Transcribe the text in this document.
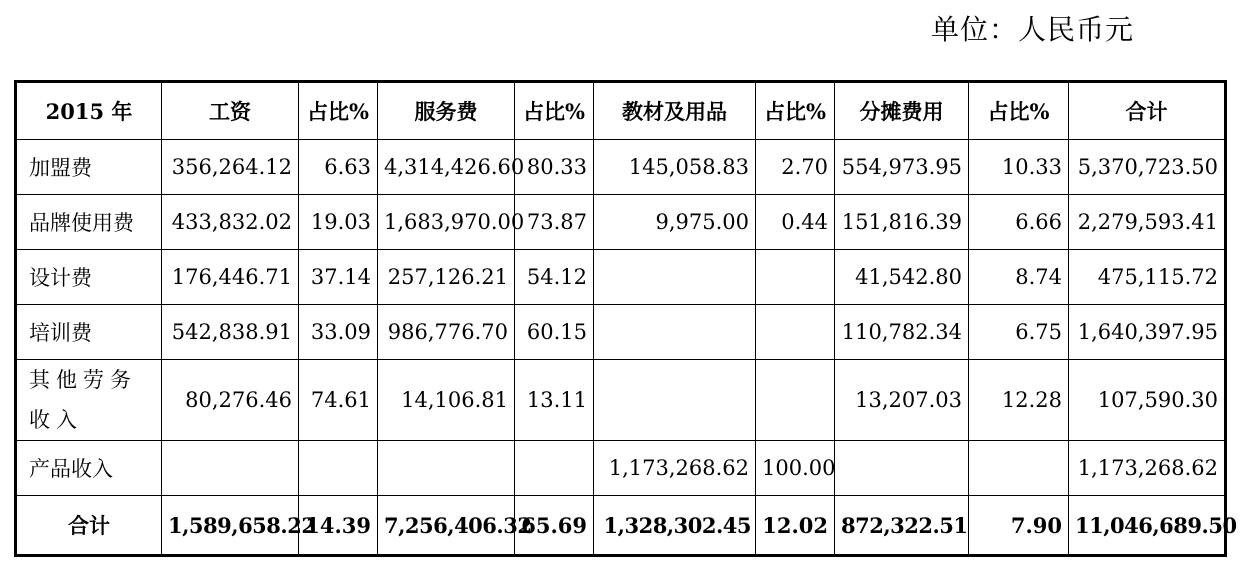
单位：人民币元
2015 年	工资	占比%	服务费	占比%	教材及用品	占比%	分摊费用	占比%	合计
加盟费	356,264.12	6.63	4,314,426.60	80.33	145,058.83	2.70	554,973.95	10.33	5,370,723.50
品牌使用费	433,832.02	19.03	1,683,970.00	73.87	9,975.00	0.44	151,816.39	6.66	2,279,593.41
设计费	176,446.71	37.14	257,126.21	54.12			41,542.80	8.74	475,115.72
培训费	542,838.91	33.09	986,776.70	60.15			110,782.34	6.75	1,640,397.95
其他劳务收入	80,276.46	74.61	14,106.81	13.11			13,207.03	12.28	107,590.30
产品收入					1,173,268.62	100.00			1,173,268.62
合计	1,589,658.22	14.39	7,256,406.32	65.69	1,328,302.45	12.02	872,322.51	7.90	11,046,689.50
